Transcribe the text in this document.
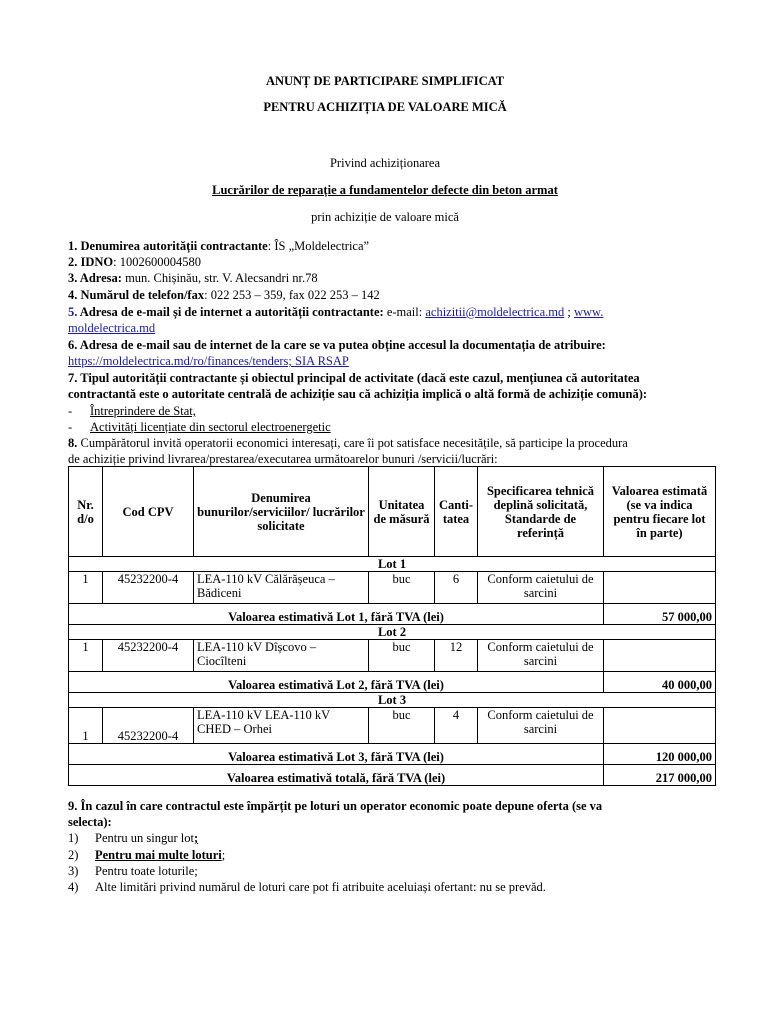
ANUNȚ DE PARTICIPARE SIMPLIFICAT
PENTRU ACHIZIȚIA DE VALOARE MICĂ
Privind achizițіonarea
Lucrărilor de reparație a fundamentelor defecte din beton armat
prin achiziție de valoare mică
1. Denumirea autorității contractante: ÎS „Moldelectrica”
2. IDNO: 1002600004580
3. Adresa: mun. Chișinău, str. V. Alecsandri nr.78
4. Numărul de telefon/fax: 022 253 – 359, fax 022 253 – 142
5. Adresa de e-mail și de internet a autorității contractante: e-mail: achizitii@moldelectrica.md ; www.
moldelectrica.md
6. Adresa de e-mail sau de internet de la care se va putea obține accesul la documentația de atribuire:
https://moldelectrica.md/ro/finances/tenders; SIA RSAP
7. Tipul autorității contractante și obiectul principal de activitate (dacă este cazul, mențiunea că autoritatea
contractantă este o autoritate centrală de achiziție sau că achiziția implică o altă formă de achiziție comună):
- Întreprindere de Stat,
- Activități licențiate din sectorul electroenergetic
8. Cumpărătorul invită operatorii economici interesați, care îi pot satisface necesitățile, să participe la procedura
de achiziție privind livrarea/prestarea/executarea următoarelor bunuri /servicii/lucrări:
Nr. d/o	Cod CPV	Denumirea bunurilor/serviciilor/ lucrărilor solicitate	Unitatea de măsură	Canti-tatea	Specificarea tehnică deplină solicitată, Standarde de referință	Valoarea estimată (se va indica pentru fiecare lot în parte)
Lot 1						
1	45232200-4	LEA-110 kV Călărășeuca – Bădiceni	buc	6	Conform caietului de sarcini	
Valoarea estimativă Lot 1, fără TVA (lei)						57 000,00
Lot 2						
1	45232200-4	LEA-110 kV Dîșcovo – Ciocîlteni	buc	12	Conform caietului de sarcini	
Valoarea estimativă Lot 2, fără TVA (lei)						40 000,00
Lot 3						
1	45232200-4	LEA-110 kV LEA-110 kV CHED – Orhei	buc	4	Conform caietului de sarcini	
Valoarea estimativă Lot 3, fără TVA (lei)						120 000,00
Valoarea estimativă totală, fără TVA (lei)						217 000,00
9. În cazul în care contractul este împărțit pe loturi un operator economic poate depune oferta (se va
selecta):
1) Pentru un singur lot;
2) Pentru mai multe loturi;
3) Pentru toate loturile;
4) Alte limitări privind numărul de loturi care pot fi atribuite aceluiași ofertant: nu se prevăd.
